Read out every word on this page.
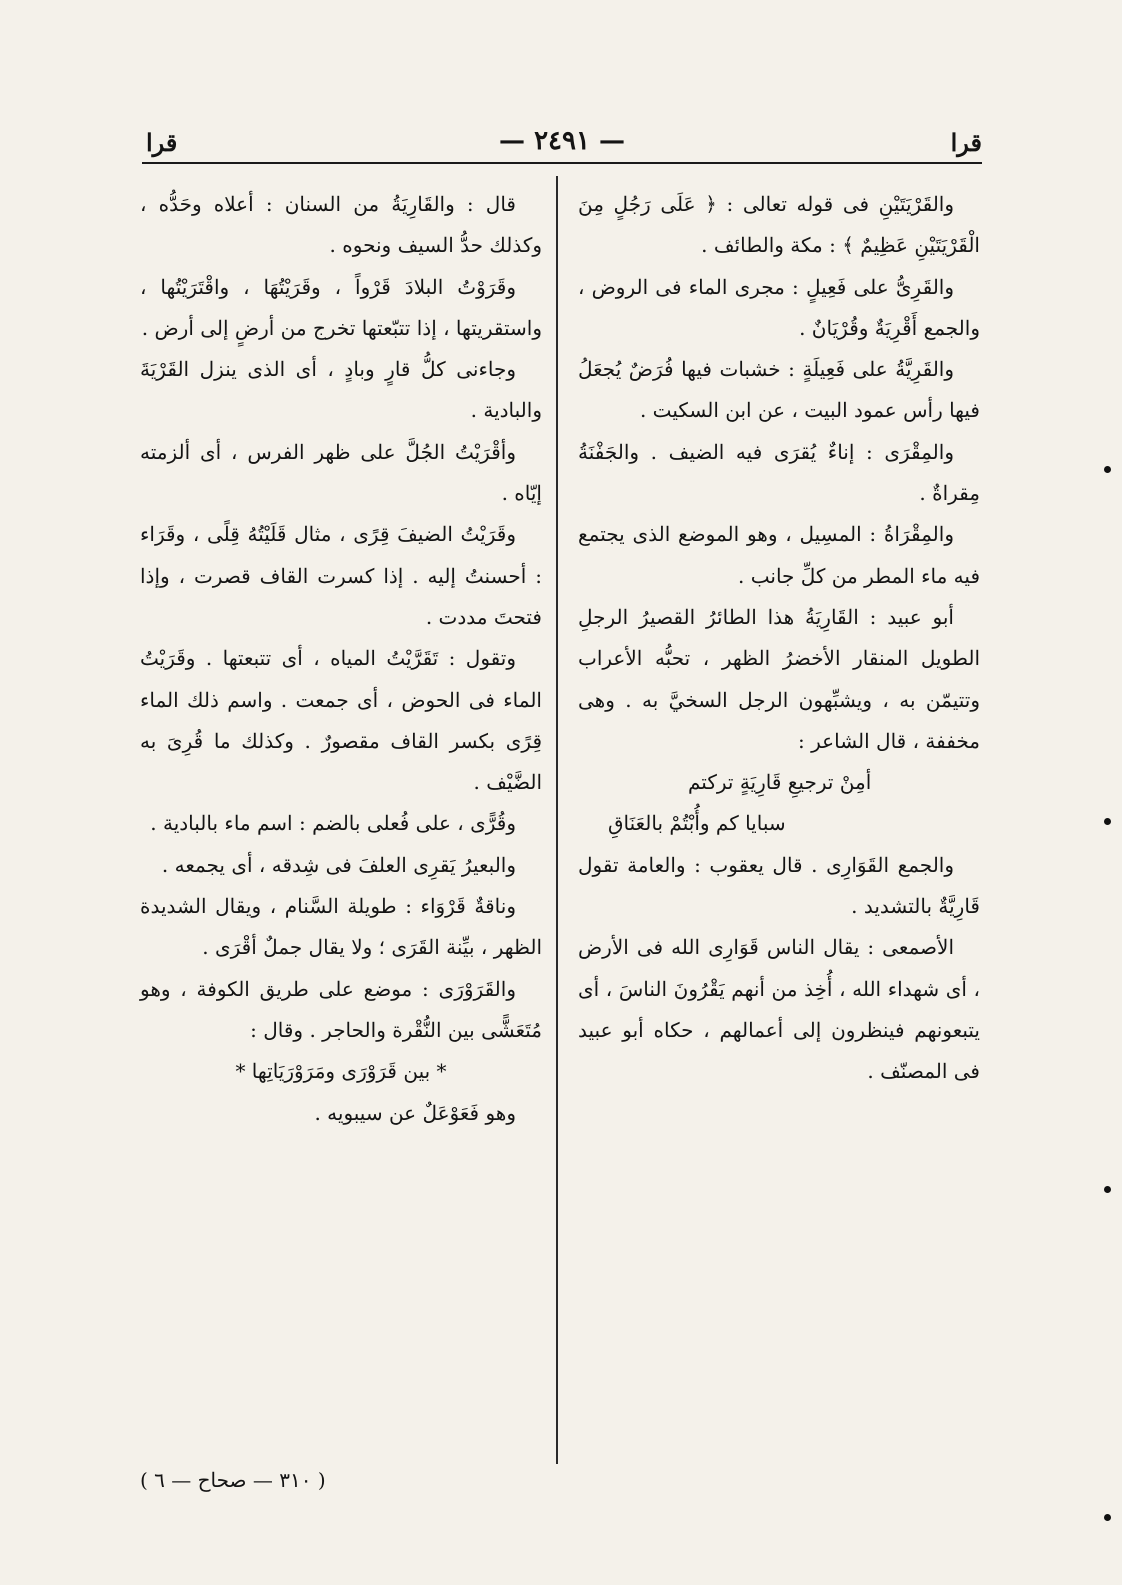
قرا
— ٢٤٩١ —
قرا

والقَرْيَتَيْنِ فى قوله تعالى : ﴿ عَلَى رَجُلٍ مِنَ الْقَرْيَتَيْنِ عَظِيمٌ ﴾ : مكة والطائف .

والقَرِىُّ على فَعِيلٍ : مجرى الماء فى الروض ، والجمع أَقْرِيَةٌ وقُرْيَانٌ .

والقَرِيَّةُ على فَعِيلَةٍ : خشبات فيها فُرَضٌ يُجعَلُ فيها رأس عمود البيت ، عن ابن السكيت .

والمِقْرَى : إناءٌ يُقرَى فيه الضيف . والجَفْنَةُ مِقراةٌ .

والمِقْرَاةُ : المسِيل ، وهو الموضع الذى يجتمع فيه ماء المطر من كلِّ جانب .

أبو عبيد : القَارِيَةُ هذا الطائرُ القصيرُ الرجلِ الطويل المنقار الأخضرُ الظهر ، تحبُّه الأعراب وتتيمّن به ، ويشبِّهون الرجل السخيَّ به . وهى مخففة ، قال الشاعر :

أمِنْ ترجيعِ قَارِيَةٍ تركتم

سبايا كم وأُبْتُمْ بالعَنَاقِ

والجمع القَوَارِى . قال يعقوب : والعامة تقول قَارِيَّةٌ بالتشديد .

الأصمعى : يقال الناس قَوَارِى الله فى الأرض ، أى شهداء الله ، أُخِذ من أنهم يَقْرُونَ الناسَ ، أى يتبعونهم فينظرون إلى أعمالهم ، حكاه أبو عبيد فى المصنّف .

قال : والقَارِيَةُ من السنان : أعلاه وحَدُّه ، وكذلك حدُّ السيف ونحوه .

وقَرَوْتُ البلادَ قَرْواً ، وقَرَيْتُهَا ، واقْتَرَيْتُها ، واستقريتها ، إذا تتبّعتها تخرج من أرضٍ إلى أرض .

وجاءنى كلُّ قارٍ وبادٍ ، أى الذى ينزل القَرْيَةَ والبادية .

وأقْرَيْتُ الجُلَّ على ظهر الفرس ، أى ألزمته إيّاه .

وقَرَيْتُ الضيفَ قِرًى ، مثال قَلَيْتُهُ قِلًى ، وقَرَاء : أحسنتُ إليه . إذا كسرت القاف قصرت ، وإذا فتحتَ مددت .

وتقول : تَقَرَّيْتُ المياه ، أى تتبعتها . وقَرَيْتُ الماء فى الحوض ، أى جمعت . واسم ذلك الماء قِرًى بكسر القاف مقصورٌ . وكذلك ما قُرِىَ به الضَّيْف .

وقُرًّى ، على فُعلى بالضم : اسم ماء بالبادية .

والبعيرُ يَقرِى العلفَ فى شِدقه ، أى يجمعه .

وناقةٌ قَرْوَاء : طويلة السَّنام ، ويقال الشديدة الظهر ، بيِّنة القَرَى ؛ ولا يقال جملٌ أقْرَى .

والقَرَوْرَى : موضع على طريق الكوفة ، وهو مُتَعَشًّى بين النُّقْرة والحاجر . وقال :

* بين قَرَوْرَى ومَرَوْرَيَاتِها *

وهو فَعَوْعَلٌ عن سيبويه .

( ٣١٠ — صحاح — ٦ )
